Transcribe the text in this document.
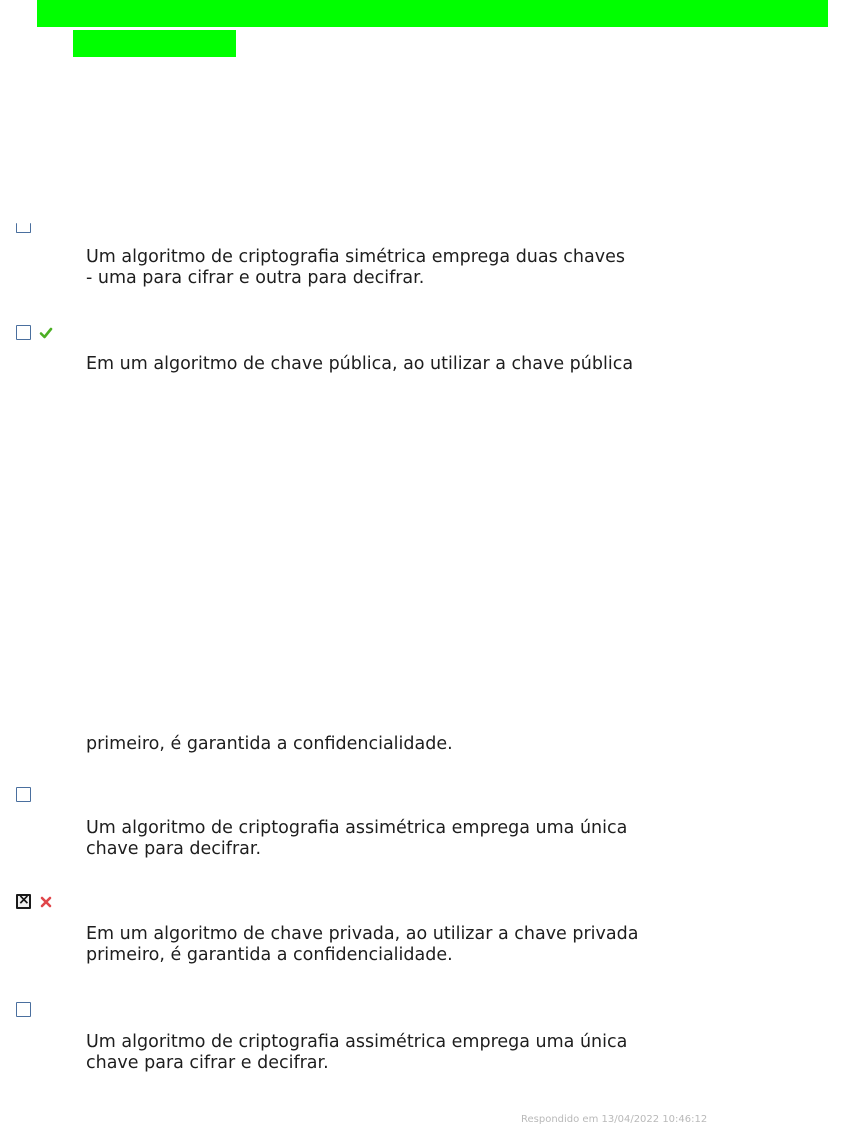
Um algoritmo de criptografia simétrica emprega duas chaves
- uma para cifrar e outra para decifrar.
Em um algoritmo de chave pública, ao utilizar a chave pública
primeiro, é garantida a confidencialidade.
Um algoritmo de criptografia assimétrica emprega uma única
chave para decifrar.
×
Em um algoritmo de chave privada, ao utilizar a chave privada
primeiro, é garantida a confidencialidade.
Um algoritmo de criptografia assimétrica emprega uma única
chave para cifrar e decifrar.
Respondido em 13/04/2022 10:46:12
